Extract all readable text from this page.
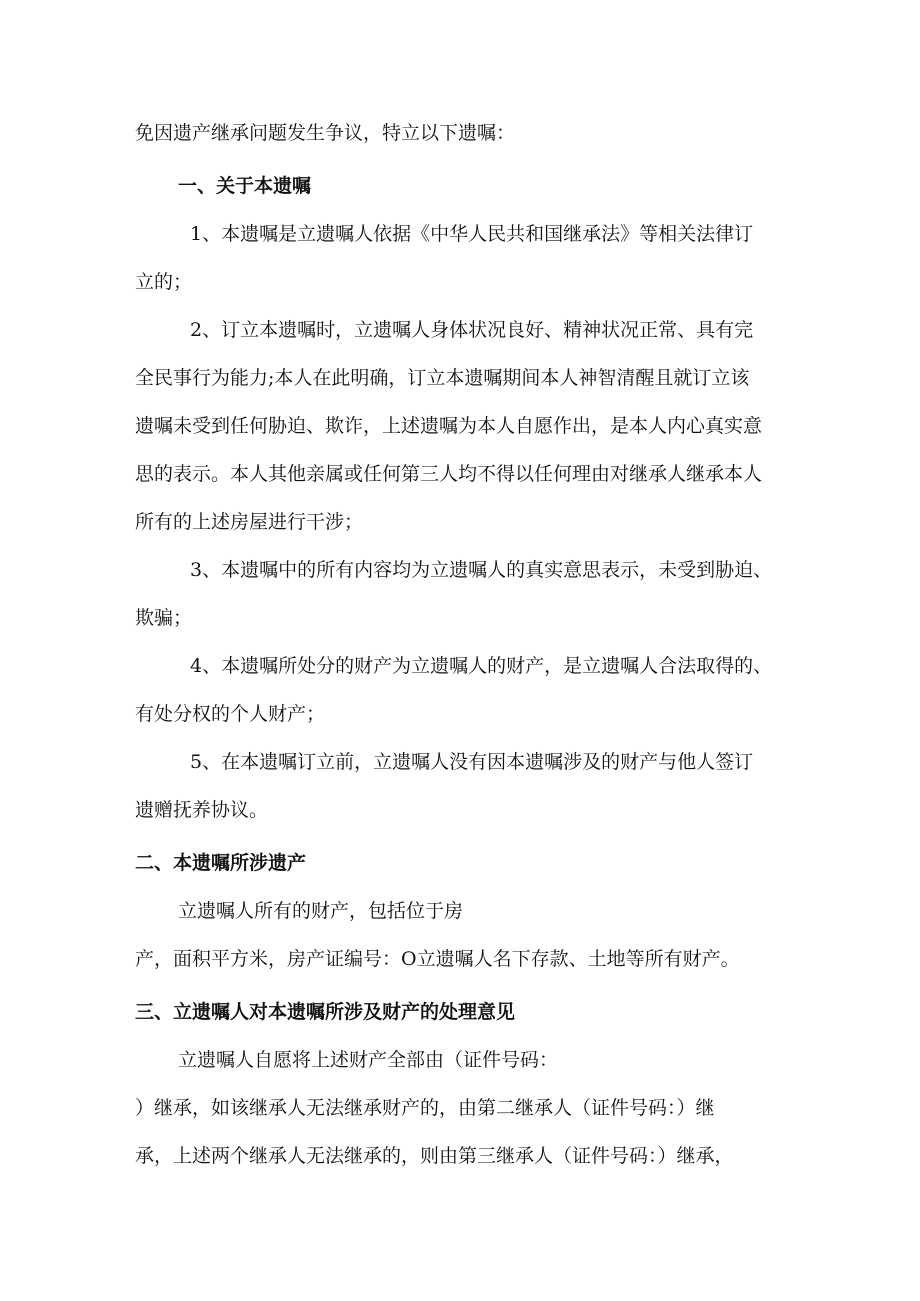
免因遗产继承问题发生争议，特立以下遗嘱：
一、关于本遗嘱
1、本遗嘱是立遗嘱人依据《中华人民共和国继承法》等相关法律订
立的；
2、订立本遗嘱时，立遗嘱人身体状况良好、精神状况正常、具有完
全民事行为能力;本人在此明确，订立本遗嘱期间本人神智清醒且就订立该
遗嘱未受到任何胁迫、欺诈，上述遗嘱为本人自愿作出，是本人内心真实意
思的表示。本人其他亲属或任何第三人均不得以任何理由对继承人继承本人
所有的上述房屋进行干涉；
3、本遗嘱中的所有内容均为立遗嘱人的真实意思表示，未受到胁迫、
欺骗；
4、本遗嘱所处分的财产为立遗嘱人的财产，是立遗嘱人合法取得的、
有处分权的个人财产；
5、在本遗嘱订立前，立遗嘱人没有因本遗嘱涉及的财产与他人签订
遗赠抚养协议。
二、本遗嘱所涉遗产
立遗嘱人所有的财产，包括位于房
产，面积平方米，房产证编号：O立遗嘱人名下存款、土地等所有财产。
三、立遗嘱人对本遗嘱所涉及财产的处理意见
立遗嘱人自愿将上述财产全部由（证件号码：
）继承，如该继承人无法继承财产的，由第二继承人（证件号码：）继
承，上述两个继承人无法继承的，则由第三继承人（证件号码：）继承，
